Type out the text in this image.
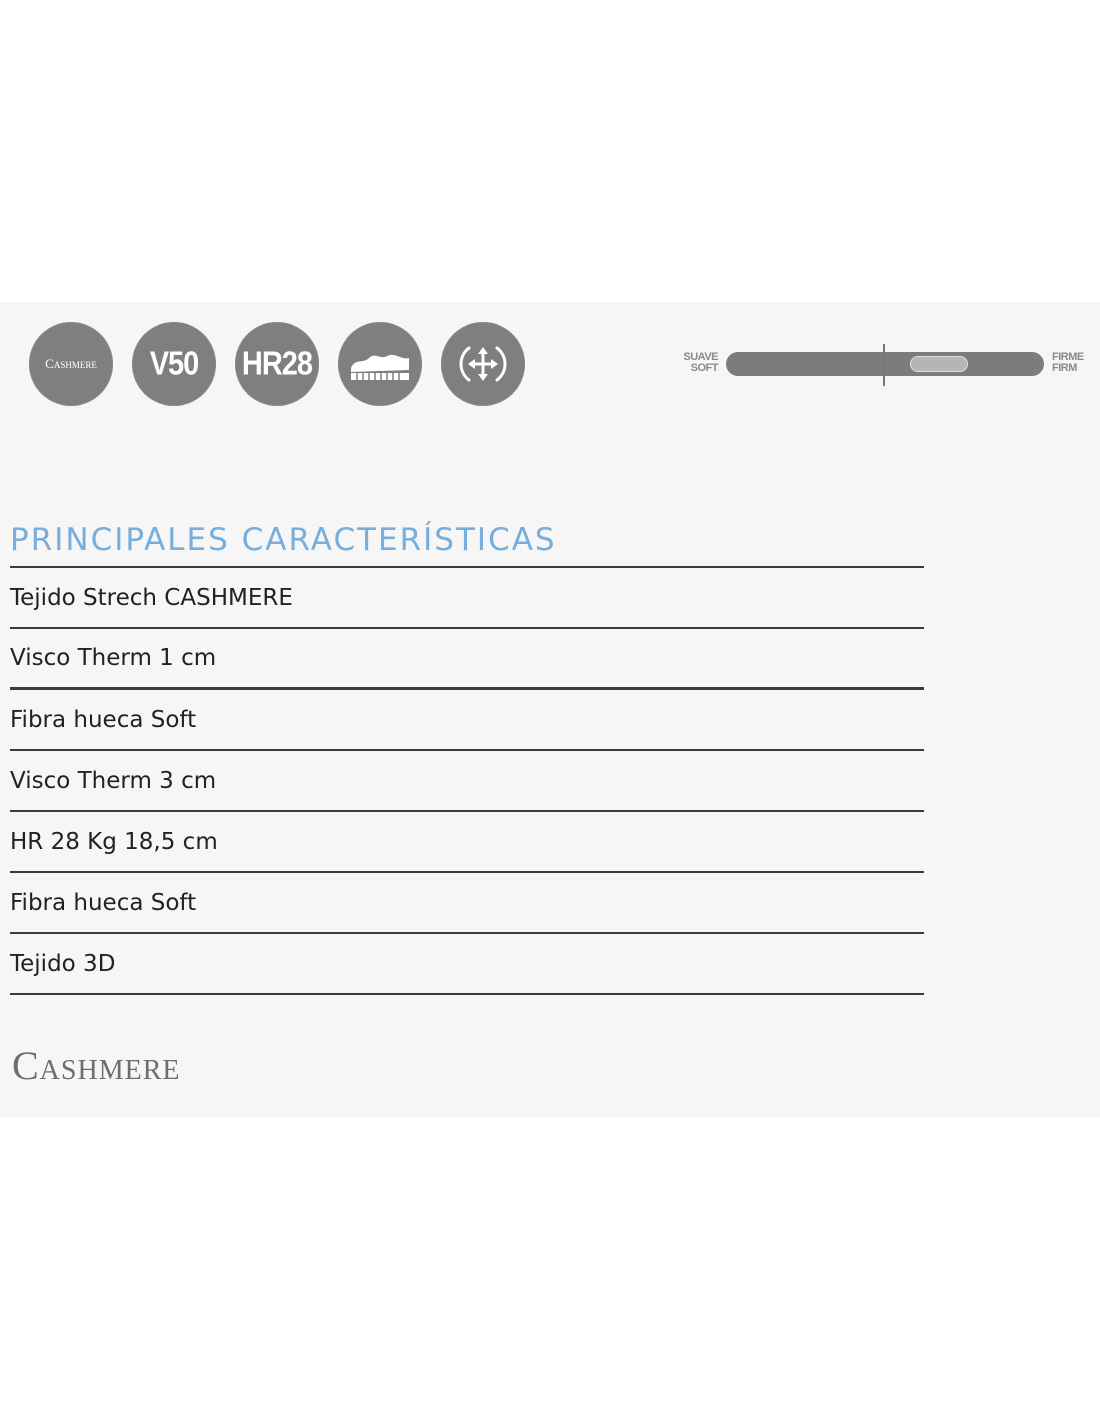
Cashmere V50 HR28	SUAVE
SOFT
FIRME
FIRM
PRINCIPALES CARACTERÍSTICAS
Tejido Strech CASHMERE
Visco Therm 1 cm
Fibra hueca Soft
Visco Therm 3 cm
HR 28 Kg 18,5 cm
Fibra hueca Soft
Tejido 3D
Cashmere
